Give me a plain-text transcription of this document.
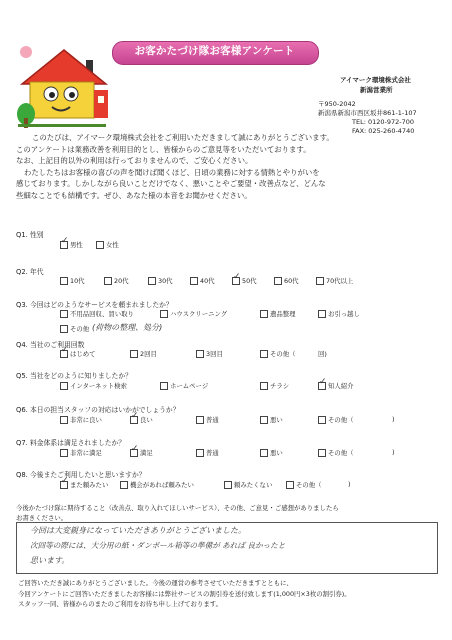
お客かたづけ隊お客様アンケート
アイマーク環境株式会社
新潟営業所
〒950-2042
新潟県新潟市西区坂井861-1-107
TEL: 0120-972-700
FAX: 025-260-4740
このたびは、アイマーク環境株式会社をご利用いただきまして誠にありがとうございます。
このアンケートは業務改善を利用目的とし、皆様からのご意見等をいただいております。
なお、上記目的以外の利用は行っておりませんので、ご安心ください。
わたしたちはお客様の喜びの声を聞けば聞くほど、日頃の業務に対する情熱とやりがいを
感じております。しかしながら良いことだけでなく、悪いことやご要望・改善点など、どんな
些細なことでも結構です。ぜひ、あなた様の本音をお聞かせください。
Q1. 性別
✓
男性	女性
Q2. 年代
10代	20代	30代	40代 ✓	50代	60代	70代以上
Q3. 今回はどのようなサービスを頼まれましたか？
不用品回収、買い取り	ハウスクリーニング	遺品整理	お引っ越し
その他 (荷物の整理、処分)
Q4. 当社のご利用回数
✓
はじめて	2回目	3回目	その他（	回)
Q5. 当社をどのように知りましたか？
インターネット検索	ホームページ	チラシ ✓	知人紹介
Q6. 本日の担当スタッフの対応はいかがでしょうか？
非常に良い ✓	良い	普通	悪い	その他（	)
Q7. 料金体系は満足されましたか？
非常に満足 ✓	満足	普通	悪い	その他（	)
Q8. 今後またご利用したいと思いますか？
✓
また頼みたい	機会があれば頼みたい	頼みたくない	その他（	)
今後かたづけ隊に期待すること（改善点、取り入れてほしいサービス）、その他、ご意見・ご感想がありましたら
お書きください。
今回は大変親身になっていただきありがとうございました。
次回等の際には、大分用の紙・ダンボール箱等の準備が あれば 良かったと
思います。
ご回答いただき誠にありがとうございました。今後の運営の参考させていただきますとともに、
今回アンケートにご回答いただきましたお客様には弊社サービスの割引券を送付致します(1,000円×3枚の割引券)。
スタッフ一同、皆様からのまたのご利用をお待ち申し上げております。
